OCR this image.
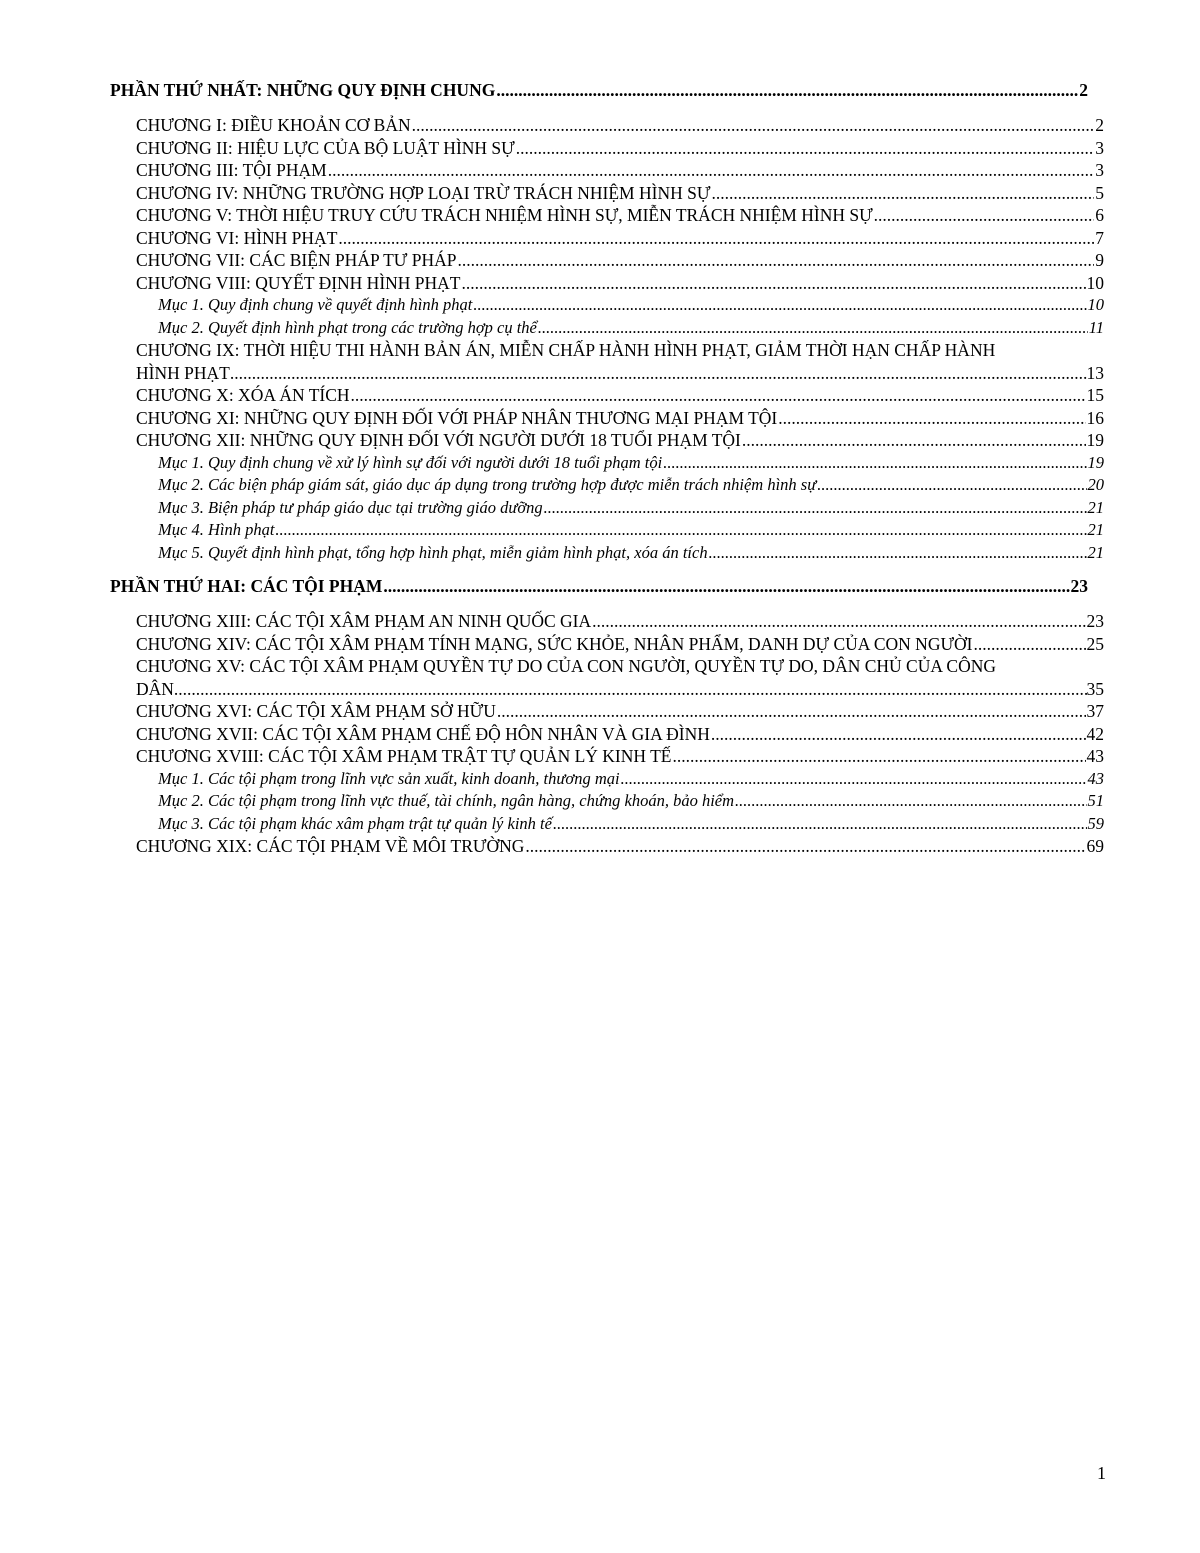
PHẦN THỨ NHẤT: NHỮNG QUY ĐỊNH CHUNG .....	2
CHƯƠNG I: ĐIỀU KHOẢN CƠ BẢN .....	2
CHƯƠNG II: HIỆU LỰC CỦA BỘ LUẬT HÌNH SỰ .....	3
CHƯƠNG III: TỘI PHẠM .....	3
CHƯƠNG IV: NHỮNG TRƯỜNG HỢP LOẠI TRỪ TRÁCH NHIỆM HÌNH SỰ .....	5
CHƯƠNG V: THỜI HIỆU TRUY CỨU TRÁCH NHIỆM HÌNH SỰ, MIỄN TRÁCH NHIỆM HÌNH SỰ .....	6
CHƯƠNG VI: HÌNH PHẠT .....	7
CHƯƠNG VII: CÁC BIỆN PHÁP TƯ PHÁP .....	9
CHƯƠNG VIII: QUYẾT ĐỊNH HÌNH PHẠT .....	10
Mục 1. Quy định chung về quyết định hình phạt .....	10
Mục 2. Quyết định hình phạt trong các trường hợp cụ thể .....	11
CHƯƠNG IX: THỜI HIỆU THI HÀNH BẢN ÁN, MIỄN CHẤP HÀNH HÌNH PHẠT, GIẢM THỜI HẠN CHẤP HÀNH
HÌNH PHẠT .....	13
CHƯƠNG X: XÓA ÁN TÍCH .....	15
CHƯƠNG XI: NHỮNG QUY ĐỊNH ĐỐI VỚI PHÁP NHÂN THƯƠNG MẠI PHẠM TỘI .....	16
CHƯƠNG XII: NHỮNG QUY ĐỊNH ĐỐI VỚI NGƯỜI DƯỚI 18 TUỔI PHẠM TỘI .....	19
Mục 1. Quy định chung về xử lý hình sự đối với người dưới 18 tuổi phạm tội .....	19
Mục 2. Các biện pháp giám sát, giáo dục áp dụng trong trường hợp được miễn trách nhiệm hình sự .....	20
Mục 3. Biện pháp tư pháp giáo dục tại trường giáo dưỡng .....	21
Mục 4. Hình phạt .....	21
Mục 5. Quyết định hình phạt, tổng hợp hình phạt, miễn giảm hình phạt, xóa án tích .....	21
PHẦN THỨ HAI: CÁC TỘI PHẠM .....	23
CHƯƠNG XIII: CÁC TỘI XÂM PHẠM AN NINH QUỐC GIA .....	23
CHƯƠNG XIV: CÁC TỘI XÂM PHẠM TÍNH MẠNG, SỨC KHỎE, NHÂN PHẨM, DANH DỰ CỦA CON NGƯỜI .....	25
CHƯƠNG XV: CÁC TỘI XÂM PHẠM QUYỀN TỰ DO CỦA CON NGƯỜI, QUYỀN TỰ DO, DÂN CHỦ CỦA CÔNG
DÂN .....	35
CHƯƠNG XVI: CÁC TỘI XÂM PHẠM SỞ HỮU .....	37
CHƯƠNG XVII: CÁC TỘI XÂM PHẠM CHẾ ĐỘ HÔN NHÂN VÀ GIA ĐÌNH .....	42
CHƯƠNG XVIII: CÁC TỘI XÂM PHẠM TRẬT TỰ QUẢN LÝ KINH TẾ .....	43
Mục 1. Các tội phạm trong lĩnh vực sản xuất, kinh doanh, thương mại .....	43
Mục 2. Các tội phạm trong lĩnh vực thuế, tài chính, ngân hàng, chứng khoán, bảo hiểm .....	51
Mục 3. Các tội phạm khác xâm phạm trật tự quản lý kinh tế .....	59
CHƯƠNG XIX: CÁC TỘI PHẠM VỀ MÔI TRƯỜNG .....	69
1
